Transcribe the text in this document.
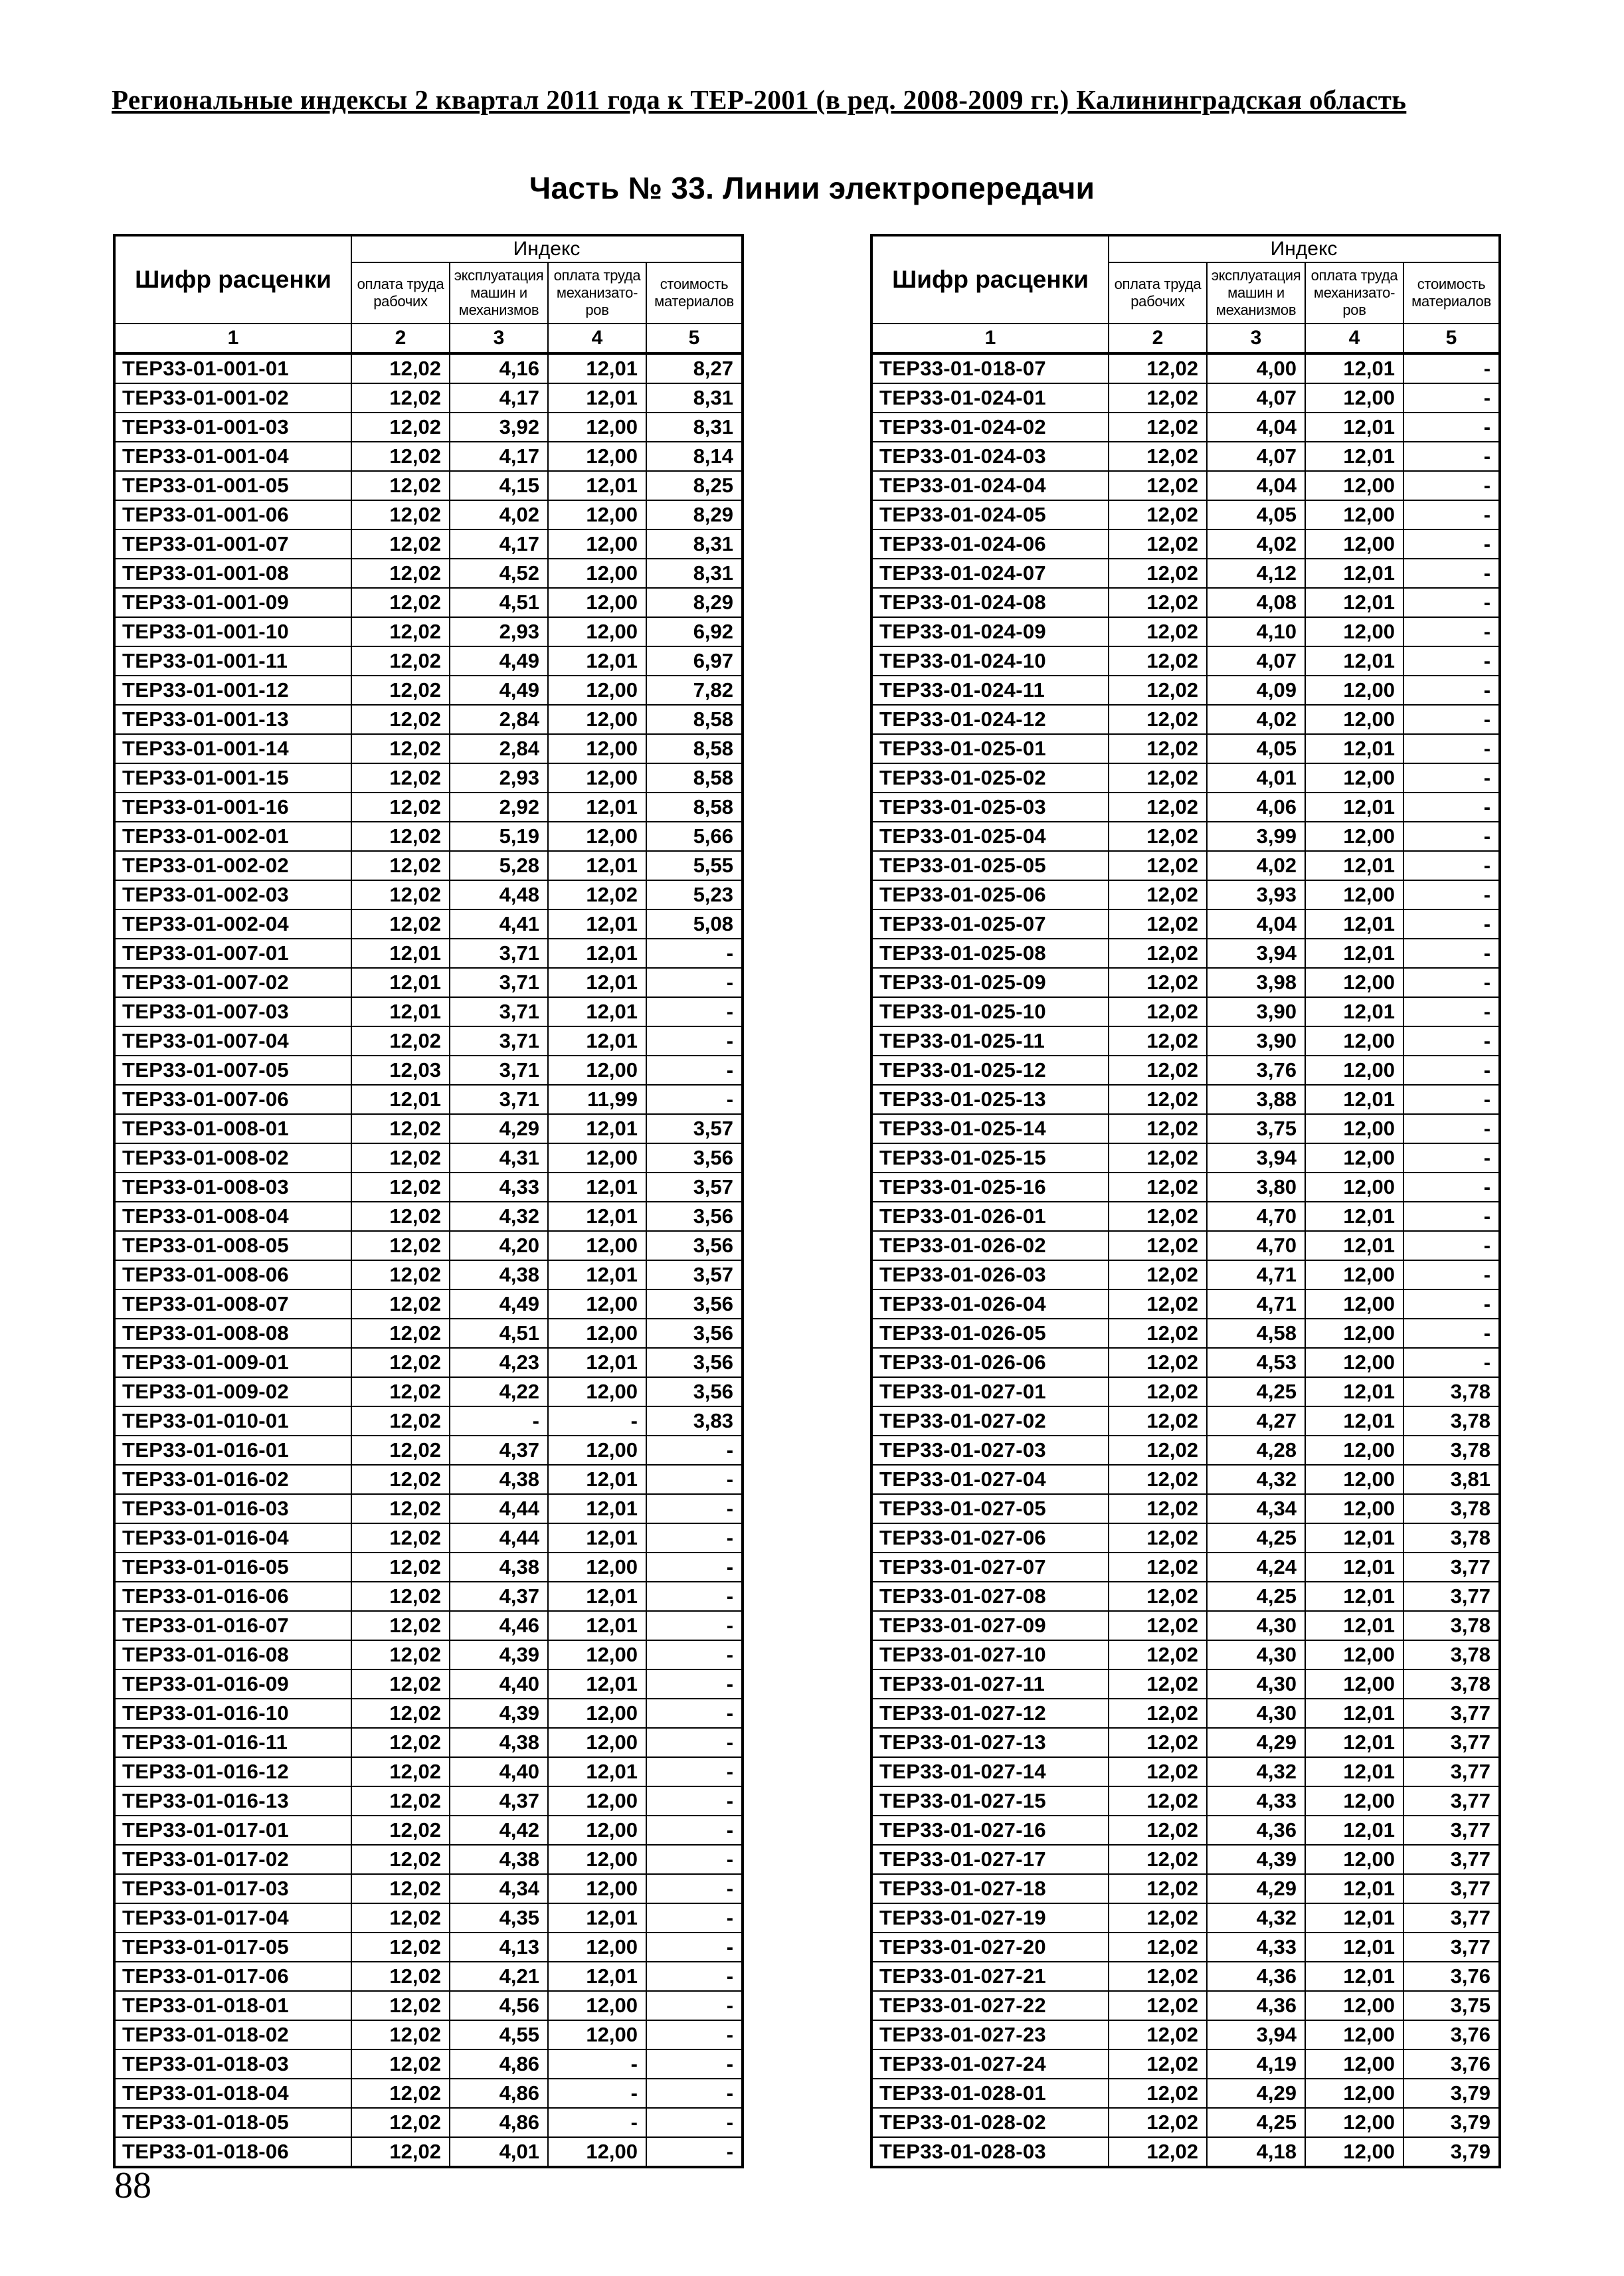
Региональные индексы 2 квартал 2011 года к ТЕР-2001 (в ред. 2008-2009 гг.) Калининградская область
Часть № 33. Линии электропередачи
Шифр расценки	Индекс			
	оплата труда рабочих	эксплуатация машин и механизмов	оплата труда механизато-ров	стоимость материалов
1	2	3	4	5
ТЕР33-01-001-01	12,02	4,16	12,01	8,27
ТЕР33-01-001-02	12,02	4,17	12,01	8,31
ТЕР33-01-001-03	12,02	3,92	12,00	8,31
ТЕР33-01-001-04	12,02	4,17	12,00	8,14
ТЕР33-01-001-05	12,02	4,15	12,01	8,25
ТЕР33-01-001-06	12,02	4,02	12,00	8,29
ТЕР33-01-001-07	12,02	4,17	12,00	8,31
ТЕР33-01-001-08	12,02	4,52	12,00	8,31
ТЕР33-01-001-09	12,02	4,51	12,00	8,29
ТЕР33-01-001-10	12,02	2,93	12,00	6,92
ТЕР33-01-001-11	12,02	4,49	12,01	6,97
ТЕР33-01-001-12	12,02	4,49	12,00	7,82
ТЕР33-01-001-13	12,02	2,84	12,00	8,58
ТЕР33-01-001-14	12,02	2,84	12,00	8,58
ТЕР33-01-001-15	12,02	2,93	12,00	8,58
ТЕР33-01-001-16	12,02	2,92	12,01	8,58
ТЕР33-01-002-01	12,02	5,19	12,00	5,66
ТЕР33-01-002-02	12,02	5,28	12,01	5,55
ТЕР33-01-002-03	12,02	4,48	12,02	5,23
ТЕР33-01-002-04	12,02	4,41	12,01	5,08
ТЕР33-01-007-01	12,01	3,71	12,01	-
ТЕР33-01-007-02	12,01	3,71	12,01	-
ТЕР33-01-007-03	12,01	3,71	12,01	-
ТЕР33-01-007-04	12,02	3,71	12,01	-
ТЕР33-01-007-05	12,03	3,71	12,00	-
ТЕР33-01-007-06	12,01	3,71	11,99	-
ТЕР33-01-008-01	12,02	4,29	12,01	3,57
ТЕР33-01-008-02	12,02	4,31	12,00	3,56
ТЕР33-01-008-03	12,02	4,33	12,01	3,57
ТЕР33-01-008-04	12,02	4,32	12,01	3,56
ТЕР33-01-008-05	12,02	4,20	12,00	3,56
ТЕР33-01-008-06	12,02	4,38	12,01	3,57
ТЕР33-01-008-07	12,02	4,49	12,00	3,56
ТЕР33-01-008-08	12,02	4,51	12,00	3,56
ТЕР33-01-009-01	12,02	4,23	12,01	3,56
ТЕР33-01-009-02	12,02	4,22	12,00	3,56
ТЕР33-01-010-01	12,02	-	-	3,83
ТЕР33-01-016-01	12,02	4,37	12,00	-
ТЕР33-01-016-02	12,02	4,38	12,01	-
ТЕР33-01-016-03	12,02	4,44	12,01	-
ТЕР33-01-016-04	12,02	4,44	12,01	-
ТЕР33-01-016-05	12,02	4,38	12,00	-
ТЕР33-01-016-06	12,02	4,37	12,01	-
ТЕР33-01-016-07	12,02	4,46	12,01	-
ТЕР33-01-016-08	12,02	4,39	12,00	-
ТЕР33-01-016-09	12,02	4,40	12,01	-
ТЕР33-01-016-10	12,02	4,39	12,00	-
ТЕР33-01-016-11	12,02	4,38	12,00	-
ТЕР33-01-016-12	12,02	4,40	12,01	-
ТЕР33-01-016-13	12,02	4,37	12,00	-
ТЕР33-01-017-01	12,02	4,42	12,00	-
ТЕР33-01-017-02	12,02	4,38	12,00	-
ТЕР33-01-017-03	12,02	4,34	12,00	-
ТЕР33-01-017-04	12,02	4,35	12,01	-
ТЕР33-01-017-05	12,02	4,13	12,00	-
ТЕР33-01-017-06	12,02	4,21	12,01	-
ТЕР33-01-018-01	12,02	4,56	12,00	-
ТЕР33-01-018-02	12,02	4,55	12,00	-
ТЕР33-01-018-03	12,02	4,86	-	-
ТЕР33-01-018-04	12,02	4,86	-	-
ТЕР33-01-018-05	12,02	4,86	-	-
ТЕР33-01-018-06	12,02	4,01	12,00	-
Шифр расценки	Индекс			
	оплата труда рабочих	эксплуатация машин и механизмов	оплата труда механизато-ров	стоимость материалов
1	2	3	4	5
ТЕР33-01-018-07	12,02	4,00	12,01	-
ТЕР33-01-024-01	12,02	4,07	12,00	-
ТЕР33-01-024-02	12,02	4,04	12,01	-
ТЕР33-01-024-03	12,02	4,07	12,01	-
ТЕР33-01-024-04	12,02	4,04	12,00	-
ТЕР33-01-024-05	12,02	4,05	12,00	-
ТЕР33-01-024-06	12,02	4,02	12,00	-
ТЕР33-01-024-07	12,02	4,12	12,01	-
ТЕР33-01-024-08	12,02	4,08	12,01	-
ТЕР33-01-024-09	12,02	4,10	12,00	-
ТЕР33-01-024-10	12,02	4,07	12,01	-
ТЕР33-01-024-11	12,02	4,09	12,00	-
ТЕР33-01-024-12	12,02	4,02	12,00	-
ТЕР33-01-025-01	12,02	4,05	12,01	-
ТЕР33-01-025-02	12,02	4,01	12,00	-
ТЕР33-01-025-03	12,02	4,06	12,01	-
ТЕР33-01-025-04	12,02	3,99	12,00	-
ТЕР33-01-025-05	12,02	4,02	12,01	-
ТЕР33-01-025-06	12,02	3,93	12,00	-
ТЕР33-01-025-07	12,02	4,04	12,01	-
ТЕР33-01-025-08	12,02	3,94	12,01	-
ТЕР33-01-025-09	12,02	3,98	12,00	-
ТЕР33-01-025-10	12,02	3,90	12,01	-
ТЕР33-01-025-11	12,02	3,90	12,00	-
ТЕР33-01-025-12	12,02	3,76	12,00	-
ТЕР33-01-025-13	12,02	3,88	12,01	-
ТЕР33-01-025-14	12,02	3,75	12,00	-
ТЕР33-01-025-15	12,02	3,94	12,00	-
ТЕР33-01-025-16	12,02	3,80	12,00	-
ТЕР33-01-026-01	12,02	4,70	12,01	-
ТЕР33-01-026-02	12,02	4,70	12,01	-
ТЕР33-01-026-03	12,02	4,71	12,00	-
ТЕР33-01-026-04	12,02	4,71	12,00	-
ТЕР33-01-026-05	12,02	4,58	12,00	-
ТЕР33-01-026-06	12,02	4,53	12,00	-
ТЕР33-01-027-01	12,02	4,25	12,01	3,78
ТЕР33-01-027-02	12,02	4,27	12,01	3,78
ТЕР33-01-027-03	12,02	4,28	12,00	3,78
ТЕР33-01-027-04	12,02	4,32	12,00	3,81
ТЕР33-01-027-05	12,02	4,34	12,00	3,78
ТЕР33-01-027-06	12,02	4,25	12,01	3,78
ТЕР33-01-027-07	12,02	4,24	12,01	3,77
ТЕР33-01-027-08	12,02	4,25	12,01	3,77
ТЕР33-01-027-09	12,02	4,30	12,01	3,78
ТЕР33-01-027-10	12,02	4,30	12,00	3,78
ТЕР33-01-027-11	12,02	4,30	12,00	3,78
ТЕР33-01-027-12	12,02	4,30	12,01	3,77
ТЕР33-01-027-13	12,02	4,29	12,01	3,77
ТЕР33-01-027-14	12,02	4,32	12,01	3,77
ТЕР33-01-027-15	12,02	4,33	12,00	3,77
ТЕР33-01-027-16	12,02	4,36	12,01	3,77
ТЕР33-01-027-17	12,02	4,39	12,00	3,77
ТЕР33-01-027-18	12,02	4,29	12,01	3,77
ТЕР33-01-027-19	12,02	4,32	12,01	3,77
ТЕР33-01-027-20	12,02	4,33	12,01	3,77
ТЕР33-01-027-21	12,02	4,36	12,01	3,76
ТЕР33-01-027-22	12,02	4,36	12,00	3,75
ТЕР33-01-027-23	12,02	3,94	12,00	3,76
ТЕР33-01-027-24	12,02	4,19	12,00	3,76
ТЕР33-01-028-01	12,02	4,29	12,00	3,79
ТЕР33-01-028-02	12,02	4,25	12,00	3,79
ТЕР33-01-028-03	12,02	4,18	12,00	3,79
88
